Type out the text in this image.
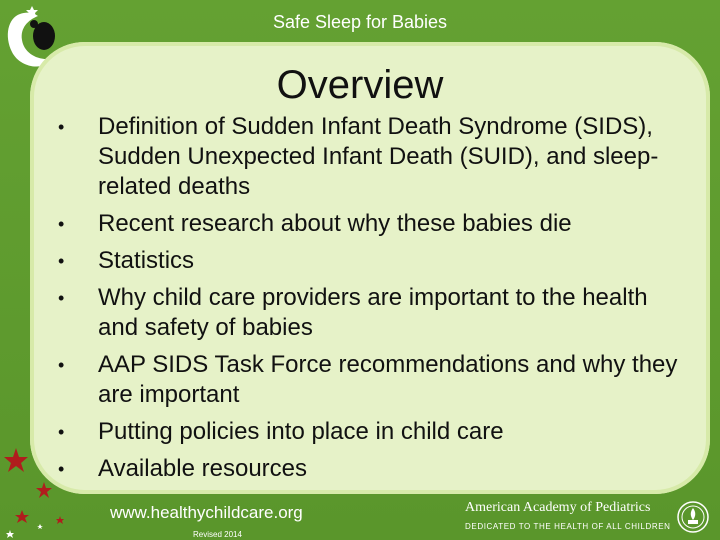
Safe Sleep for Babies
Overview
• Definition of Sudden Infant Death Syndrome (SIDS), Sudden Unexpected Infant Death (SUID), and sleep-related deaths
• Recent research about why these babies die
• Statistics
• Why child care providers are important to the health and safety of babies
• AAP SIDS Task Force recommendations and why they are important
• Putting policies into place in child care
• Available resources
www.healthychildcare.org
Revised 2014
American Academy of Pediatrics
DEDICATED TO THE HEALTH OF ALL CHILDREN
